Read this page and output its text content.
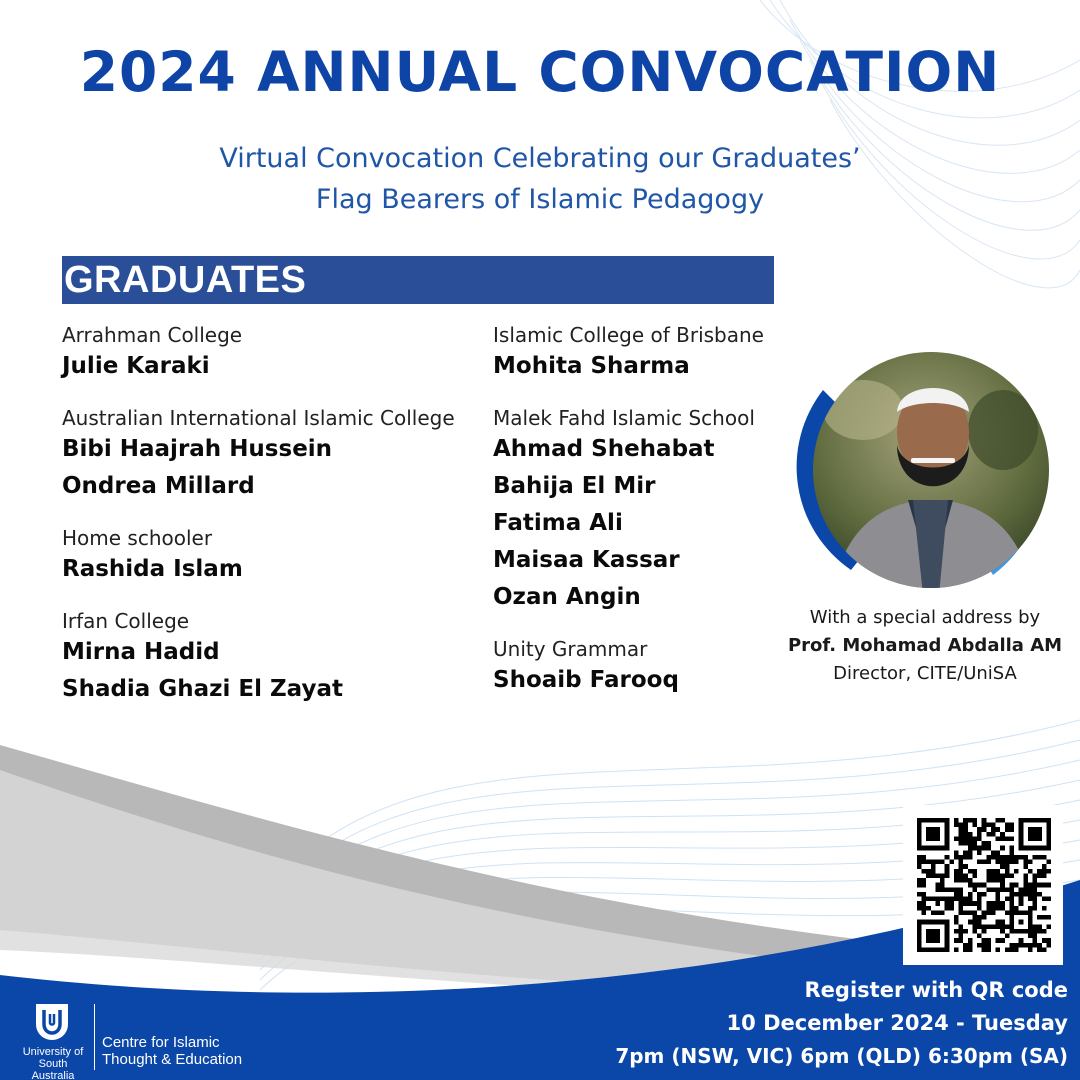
2024 ANNUAL CONVOCATION
Virtual Convocation Celebrating our Graduates’
Flag Bearers of Islamic Pedagogy
GRADUATES
Arrahman College
Julie Karaki
Australian International Islamic College
Bibi Haajrah Hussein
Ondrea Millard
Home schooler
Rashida Islam
Irfan College
Mirna Hadid
Shadia Ghazi El Zayat
Islamic College of Brisbane
Mohita Sharma
Malek Fahd Islamic School
Ahmad Shehabat
Bahija El Mir
Fatima Ali
Maisaa Kassar
Ozan Angin
Unity Grammar
Shoaib Farooq
With a special address by
Prof. Mohamad Abdalla AM
Director, CITE/UniSA
Register with QR code
10 December 2024 - Tuesday
7pm (NSW, VIC) 6pm (QLD) 6:30pm (SA)
University of
South Australia
Centre for Islamic
Thought & Education
